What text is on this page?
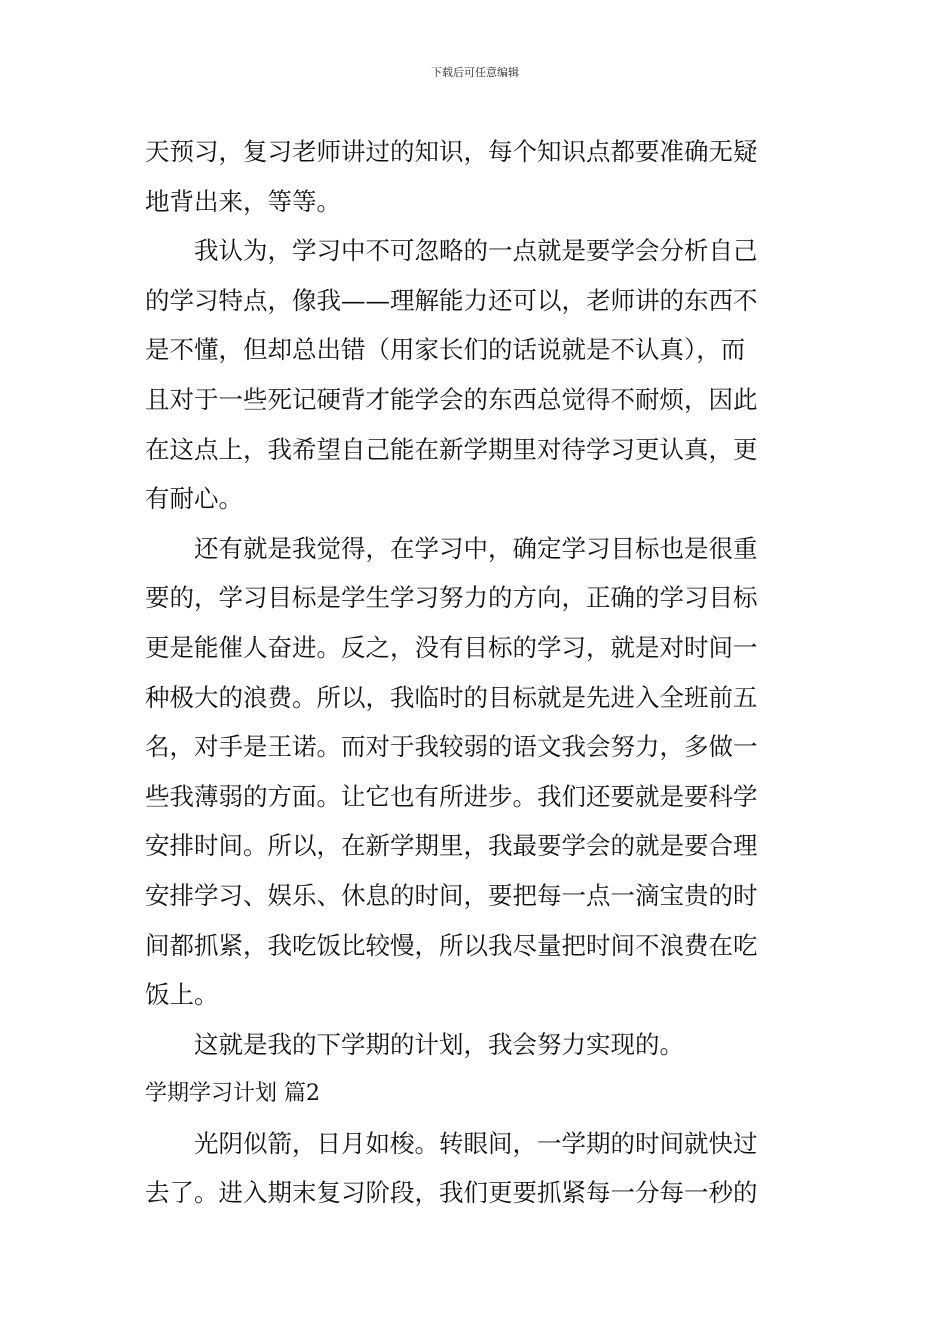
下载后可任意编辑
天预习，复习老师讲过的知识，每个知识点都要准确无疑
地背出来，等等。
我认为，学习中不可忽略的一点就是要学会分析自己
的学习特点，像我——理解能力还可以，老师讲的东西不
是不懂，但却总出错（用家长们的话说就是不认真），而
且对于一些死记硬背才能学会的东西总觉得不耐烦，因此
在这点上，我希望自己能在新学期里对待学习更认真，更
有耐心。
还有就是我觉得，在学习中，确定学习目标也是很重
要的，学习目标是学生学习努力的方向，正确的学习目标
更是能催人奋进。反之，没有目标的学习，就是对时间一
种极大的浪费。所以，我临时的目标就是先进入全班前五
名，对手是王诺。而对于我较弱的语文我会努力，多做一
些我薄弱的方面。让它也有所进步。我们还要就是要科学
安排时间。所以，在新学期里，我最要学会的就是要合理
安排学习、娱乐、休息的时间，要把每一点一滴宝贵的时
间都抓紧，我吃饭比较慢，所以我尽量把时间不浪费在吃
饭上。
这就是我的下学期的计划，我会努力实现的。
学期学习计划 篇2
光阴似箭，日月如梭。转眼间，一学期的时间就快过
去了。进入期末复习阶段，我们更要抓紧每一分每一秒的
